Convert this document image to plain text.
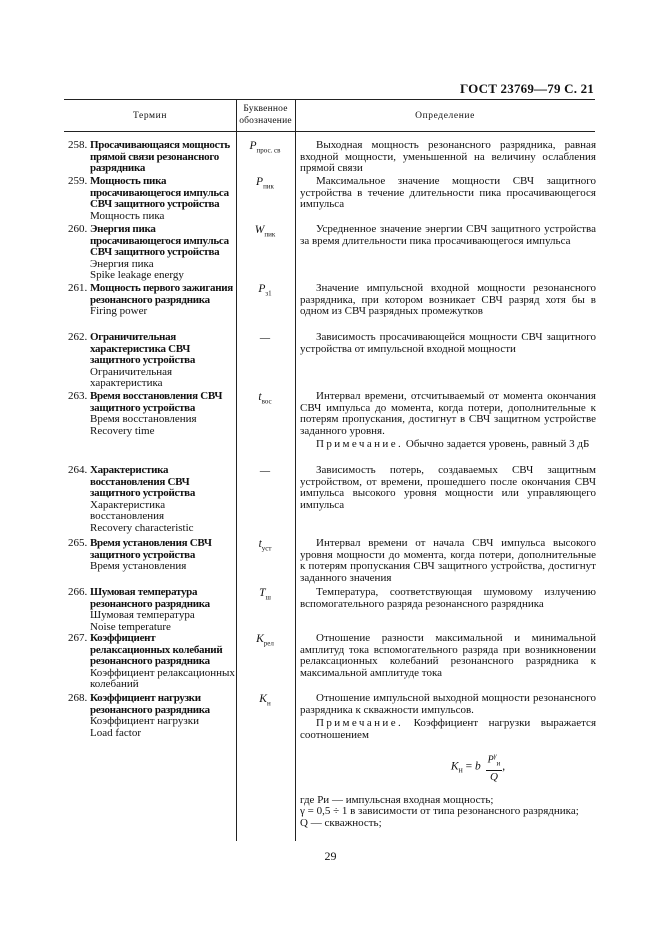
ГОСТ 23769—79 С. 21
Термин
Буквенное обозначение	Определение
258. Просачивающаяся мощность прямой связи резонансного разрядника
$P_{прос. св}$	Выходная мощность резонансного разрядника, равная входной мощности, уменьшенной на величину ослабления прямой связи

259. Мощность пика просачивающегося импульса СВЧ защитного устройства
Мощность пика
$P_{пик}$	Максимальное значение мощности СВЧ защитного устройства в течение длительности пика просачивающегося импульса

260. Энергия пика просачивающегося импульса СВЧ защитного устройства
Энергия пика
Spike leakage energy
$W_{пик}$	Усредненное значение энергии СВЧ защитного устройства за время длительности пика просачивающегося импульса

261. Мощность первого зажигания резонансного разрядника
Firing power
$P_{з1}$	Значение импульсной входной мощности резонансного разрядника, при котором возникает СВЧ разряд хотя бы в одном из СВЧ разрядных промежутков

262. Ограничительная характеристика СВЧ защитного устройства
Ограничительная характеристика
—	Зависимость просачивающейся мощности СВЧ защитного устройства от импульсной входной мощности

263. Время восстановления СВЧ защитного устройства
Время восстановления
Recovery time
$t_{вос}$	Интервал времени, отсчитываемый от момента окончания СВЧ импульса до момента, когда потери, дополнительные к потерям пропускания, достигнут в СВЧ защитном устройстве заданного уровня.

Примечание. Обычно задается уровень, равный 3 дБ

264. Характеристика восстановления СВЧ защитного устройства
Характеристика восстановления
Recovery characteristic
—	Зависимость потерь, создаваемых СВЧ защитным устройством, от времени, прошедшего после окончания СВЧ импульса высокого уровня мощности или управляющего импульса

265. Время установления СВЧ защитного устройства
Время установления
$t_{уст}$	Интервал времени от начала СВЧ импульса высокого уровня мощности до момента, когда потери, дополнительные к потерям пропускания СВЧ защитного устройства, достигнут заданного значения

266. Шумовая температура резонансного разрядника
Шумовая температура
Noise temperature
$T_ш$	Температура, соответствующая шумовому излучению вспомогательного разряда резонансного разрядника

267. Коэффициент релаксационных колебаний резонансного разрядника
Коэффициент релаксационных колебаний
$K_{рел}$	Отношение разности максимальной и минимальной амплитуд тока вспомогательного разряда при возникновении релаксационных колебаний резонансного разрядника к максимальной амплитуде тока

268. Коэффициент нагрузки резонансного разрядника
Коэффициент нагрузки
Load factor
$K_н$	Отношение импульсной выходной мощности резонансного разрядника к скважности импульсов.

Примечание. Коэффициент нагрузки выражается соотношением

$K_н = b \frac{P^\gamma_и}{Q}$ ,

где Pи — импульсная входная мощность;

γ = 0,5 ÷ 1 в зависимости от типа резонансного разрядника;

Q — скважность;

29
